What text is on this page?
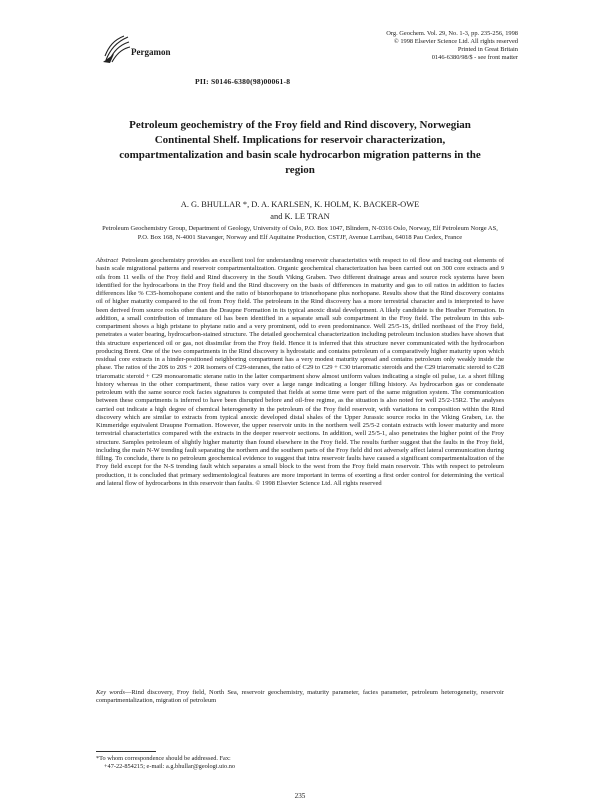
Pergamon
Org. Geochem. Vol. 29, No. 1-3, pp. 235-256, 1998
© 1998 Elsevier Science Ltd. All rights reserved
Printed in Great Britain
0146-6380/98/$ - see front matter
PII: S0146-6380(98)00061-8
Petroleum geochemistry of the Froy field and Rind discovery, Norwegian Continental Shelf. Implications for reservoir characterization, compartmentalization and basin scale hydrocarbon migration patterns in the region
A. G. BHULLAR *, D. A. KARLSEN, K. HOLM, K. BACKER-OWE
and K. LE TRAN
Petroleum Geochemistry Group, Department of Geology, University of Oslo, P.O. Box 1047, Blindern, N-0316 Oslo, Norway, Elf Petroleum Norge AS, P.O. Box 168, N-4001 Stavanger, Norway and Elf Aquitaine Production, CSTJF, Avenue Larribau, 64018 Pau Cedex, France
Abstract Petroleum geochemistry provides an excellent tool for understanding reservoir characteristics with respect to oil flow and tracing out elements of basin scale migrational patterns and reservoir compartmentalization. Organic geochemical characterization has been carried out on 300 core extracts and 9 oils from 11 wells of the Froy field and Rind discovery in the South Viking Graben. Two different drainage areas and source rock systems have been identified for the hydrocarbons in the Froy field and the Rind discovery on the basis of differences in maturity and gas to oil ratios in addition to facies differences like % C35-homohopane content and the ratio of bisnorhopane to trisnorhopane plus norhopane. Results show that the Rind discovery contains oil of higher maturity compared to the oil from Froy field. The petroleum in the Rind discovery has a more terrestrial character and is interpreted to have been derived from source rocks other than the Draupne Formation in its typical anoxic distal development. A likely candidate is the Heather Formation. In addition, a small contribution of immature oil has been identified in a separate small sub compartment in the Froy field. The petroleum in this sub-compartment shows a high pristane to phytane ratio and a very prominent, odd to even predominance. Well 25/5-1S, drilled northeast of the Froy field, penetrates a water bearing, hydrocarbon-stained structure. The detailed geochemical characterization including petroleum inclusion studies have shown that this structure experienced oil or gas, not dissimilar from the Froy field. Hence it is inferred that this structure never communicated with the hydrocarbon producing Brent. One of the two compartments in the Rind discovery is hydrostatic and contains petroleum of a comparatively higher maturity upon which residual core extracts in a hinder-positioned neighboring compartment has a very modest maturity spread and contains petroleum only weakly inside the phase. The ratios of the 20S to 20S + 20R isomers of C29-steranes, the ratio of C29 to C29 + C30 triaromatic steroids and the C29 triaromatic steroid to C28 triaromatic steroid + C29 monoaromatic sterane ratio in the latter compartment show almost uniform values indicating a single oil pulse, i.e. a short filling history whereas in the other compartment, these ratios vary over a large range indicating a longer filling history. As hydrocarbon gas or condensate petroleum with the same source rock facies signatures is computed that fields at some time were part of the same migration system. The communication between these compartments is inferred to have been disrupted before and oil-free regime, as the situation is also noted for well 25/2-15R2. The analyses carried out indicate a high degree of chemical heterogeneity in the petroleum of the Froy field reservoir, with variations in composition within the Rind discovery which are similar to extracts from typical anoxic developed distal shales of the Upper Jurassic source rocks in the Viking Graben, i.e. the Kimmeridge equivalent Draupne Formation. However, the upper reservoir units in the northern well 25/5-2 contain extracts with lower maturity and more terrestrial characteristics compared with the extracts in the deeper reservoir sections. In addition, well 25/5-1, also penetrates the higher point of the Froy structure. Samples petroleum of slightly higher maturity than found elsewhere in the Froy field. The results further suggest that the faults in the Froy field, including the main N-W trending fault separating the northern and the southern parts of the Froy field did not adversely affect lateral communication during filling. To conclude, there is no petroleum geochemical evidence to suggest that intra reservoir faults have caused a significant compartmentalization of the Froy field except for the N-S trending fault which separates a small block to the west from the Froy field main reservoir. This with respect to petroleum production, it is concluded that primary sedimentological features are more important in terms of exerting a first order control for determining the vertical and lateral flow of hydrocarbons in this reservoir than faults. © 1998 Elsevier Science Ltd. All rights reserved
Key words—Rind discovery, Froy field, North Sea, reservoir geochemistry, maturity parameter, facies parameter, petroleum heterogeneity, reservoir compartmentalization, migration of petroleum
*To whom correspondence should be addressed. Fax:
+47-22-854215; e-mail: a.g.bhullar@geologi.uio.no
235
